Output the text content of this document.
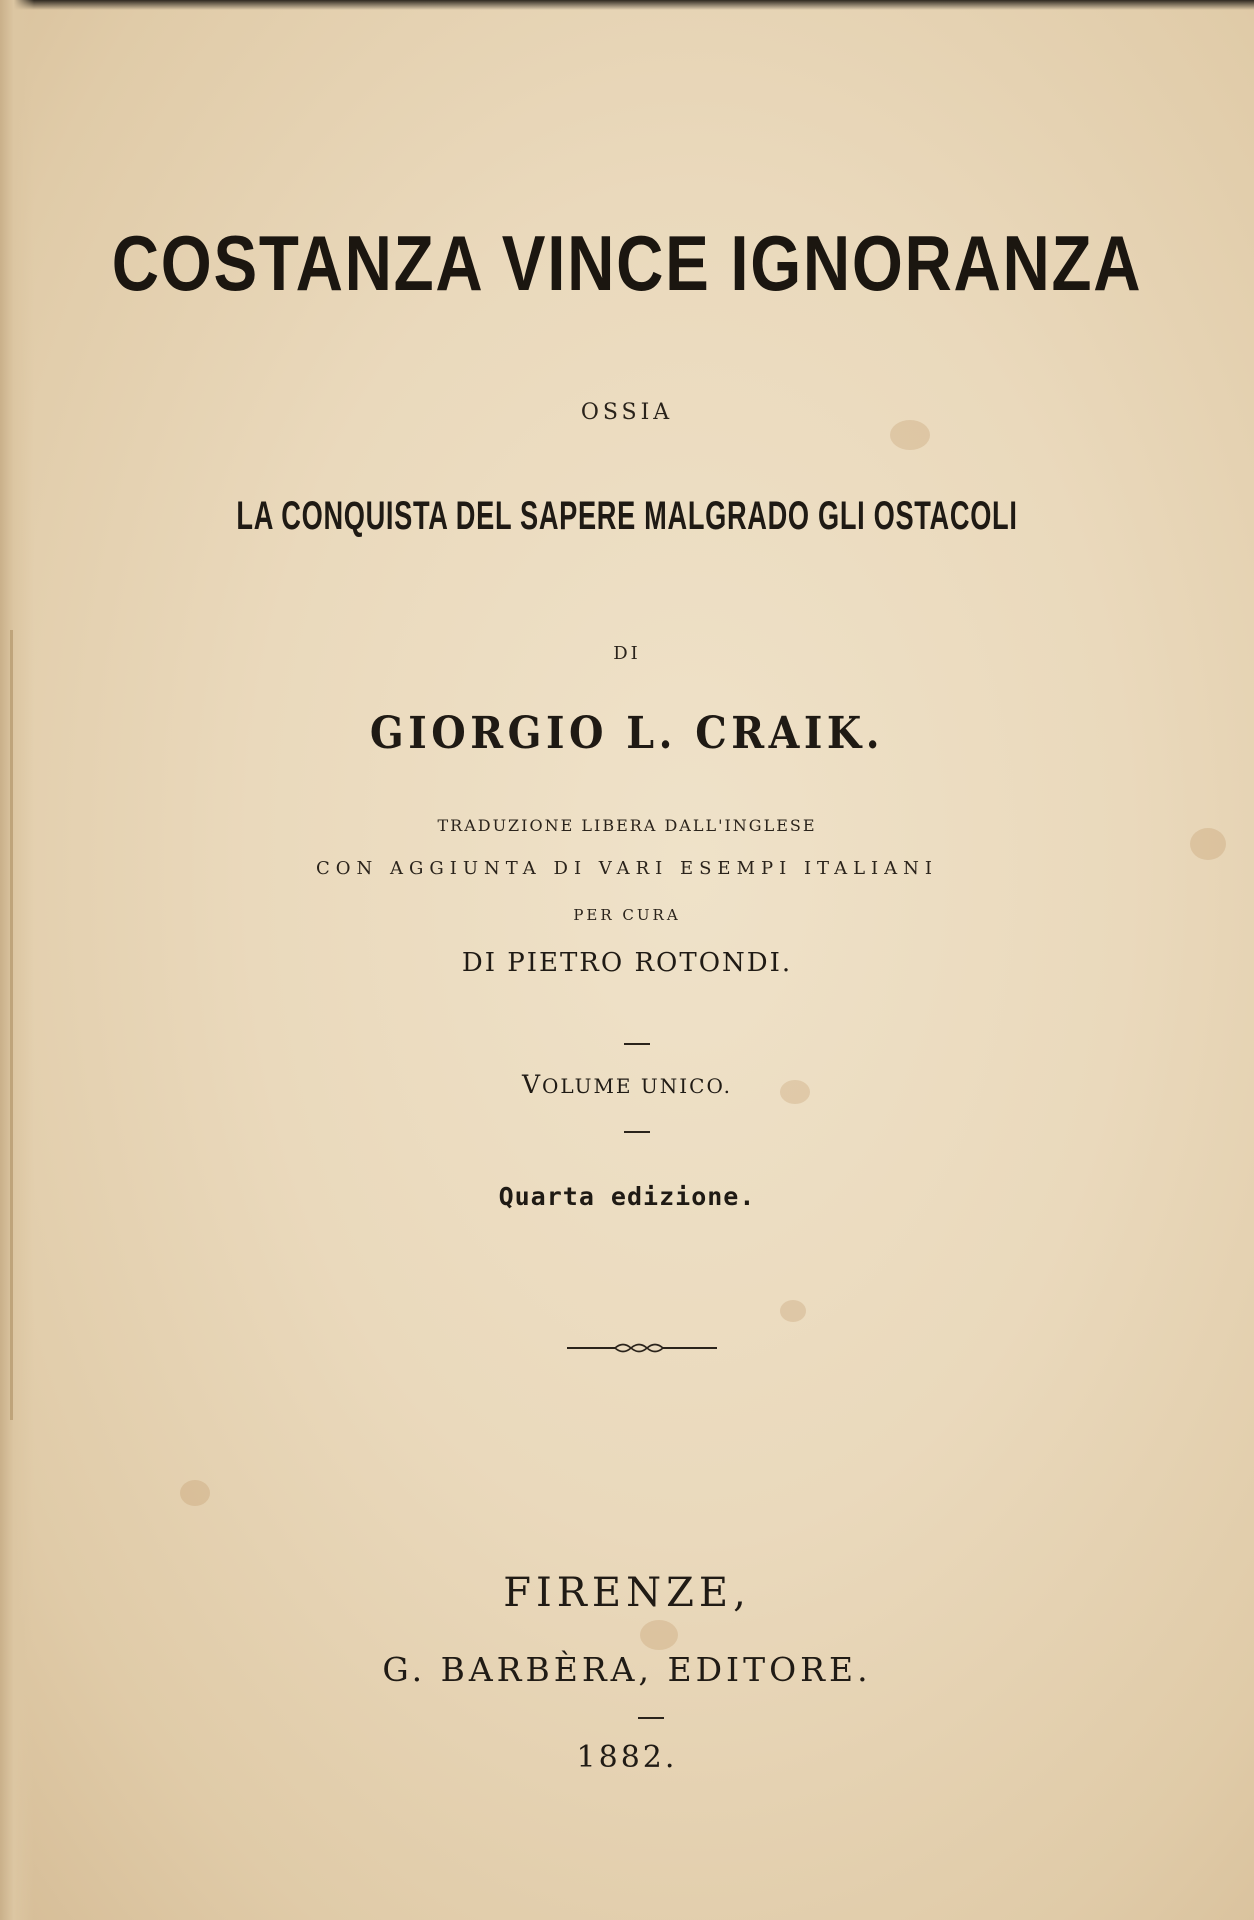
COSTANZA VINCE IGNORANZA
OSSIA
LA CONQUISTA DEL SAPERE MALGRADO GLI OSTACOLI
DI
GIORGIO L. CRAIK.
TRADUZIONE LIBERA DALL'INGLESE
CON AGGIUNTA DI VARI ESEMPI ITALIANI
PER CURA
DI PIETRO ROTONDI.
VOLUME UNICO.
Quarta edizione.
FIRENZE,
G. BARBÈRA, EDITORE.
1882.
